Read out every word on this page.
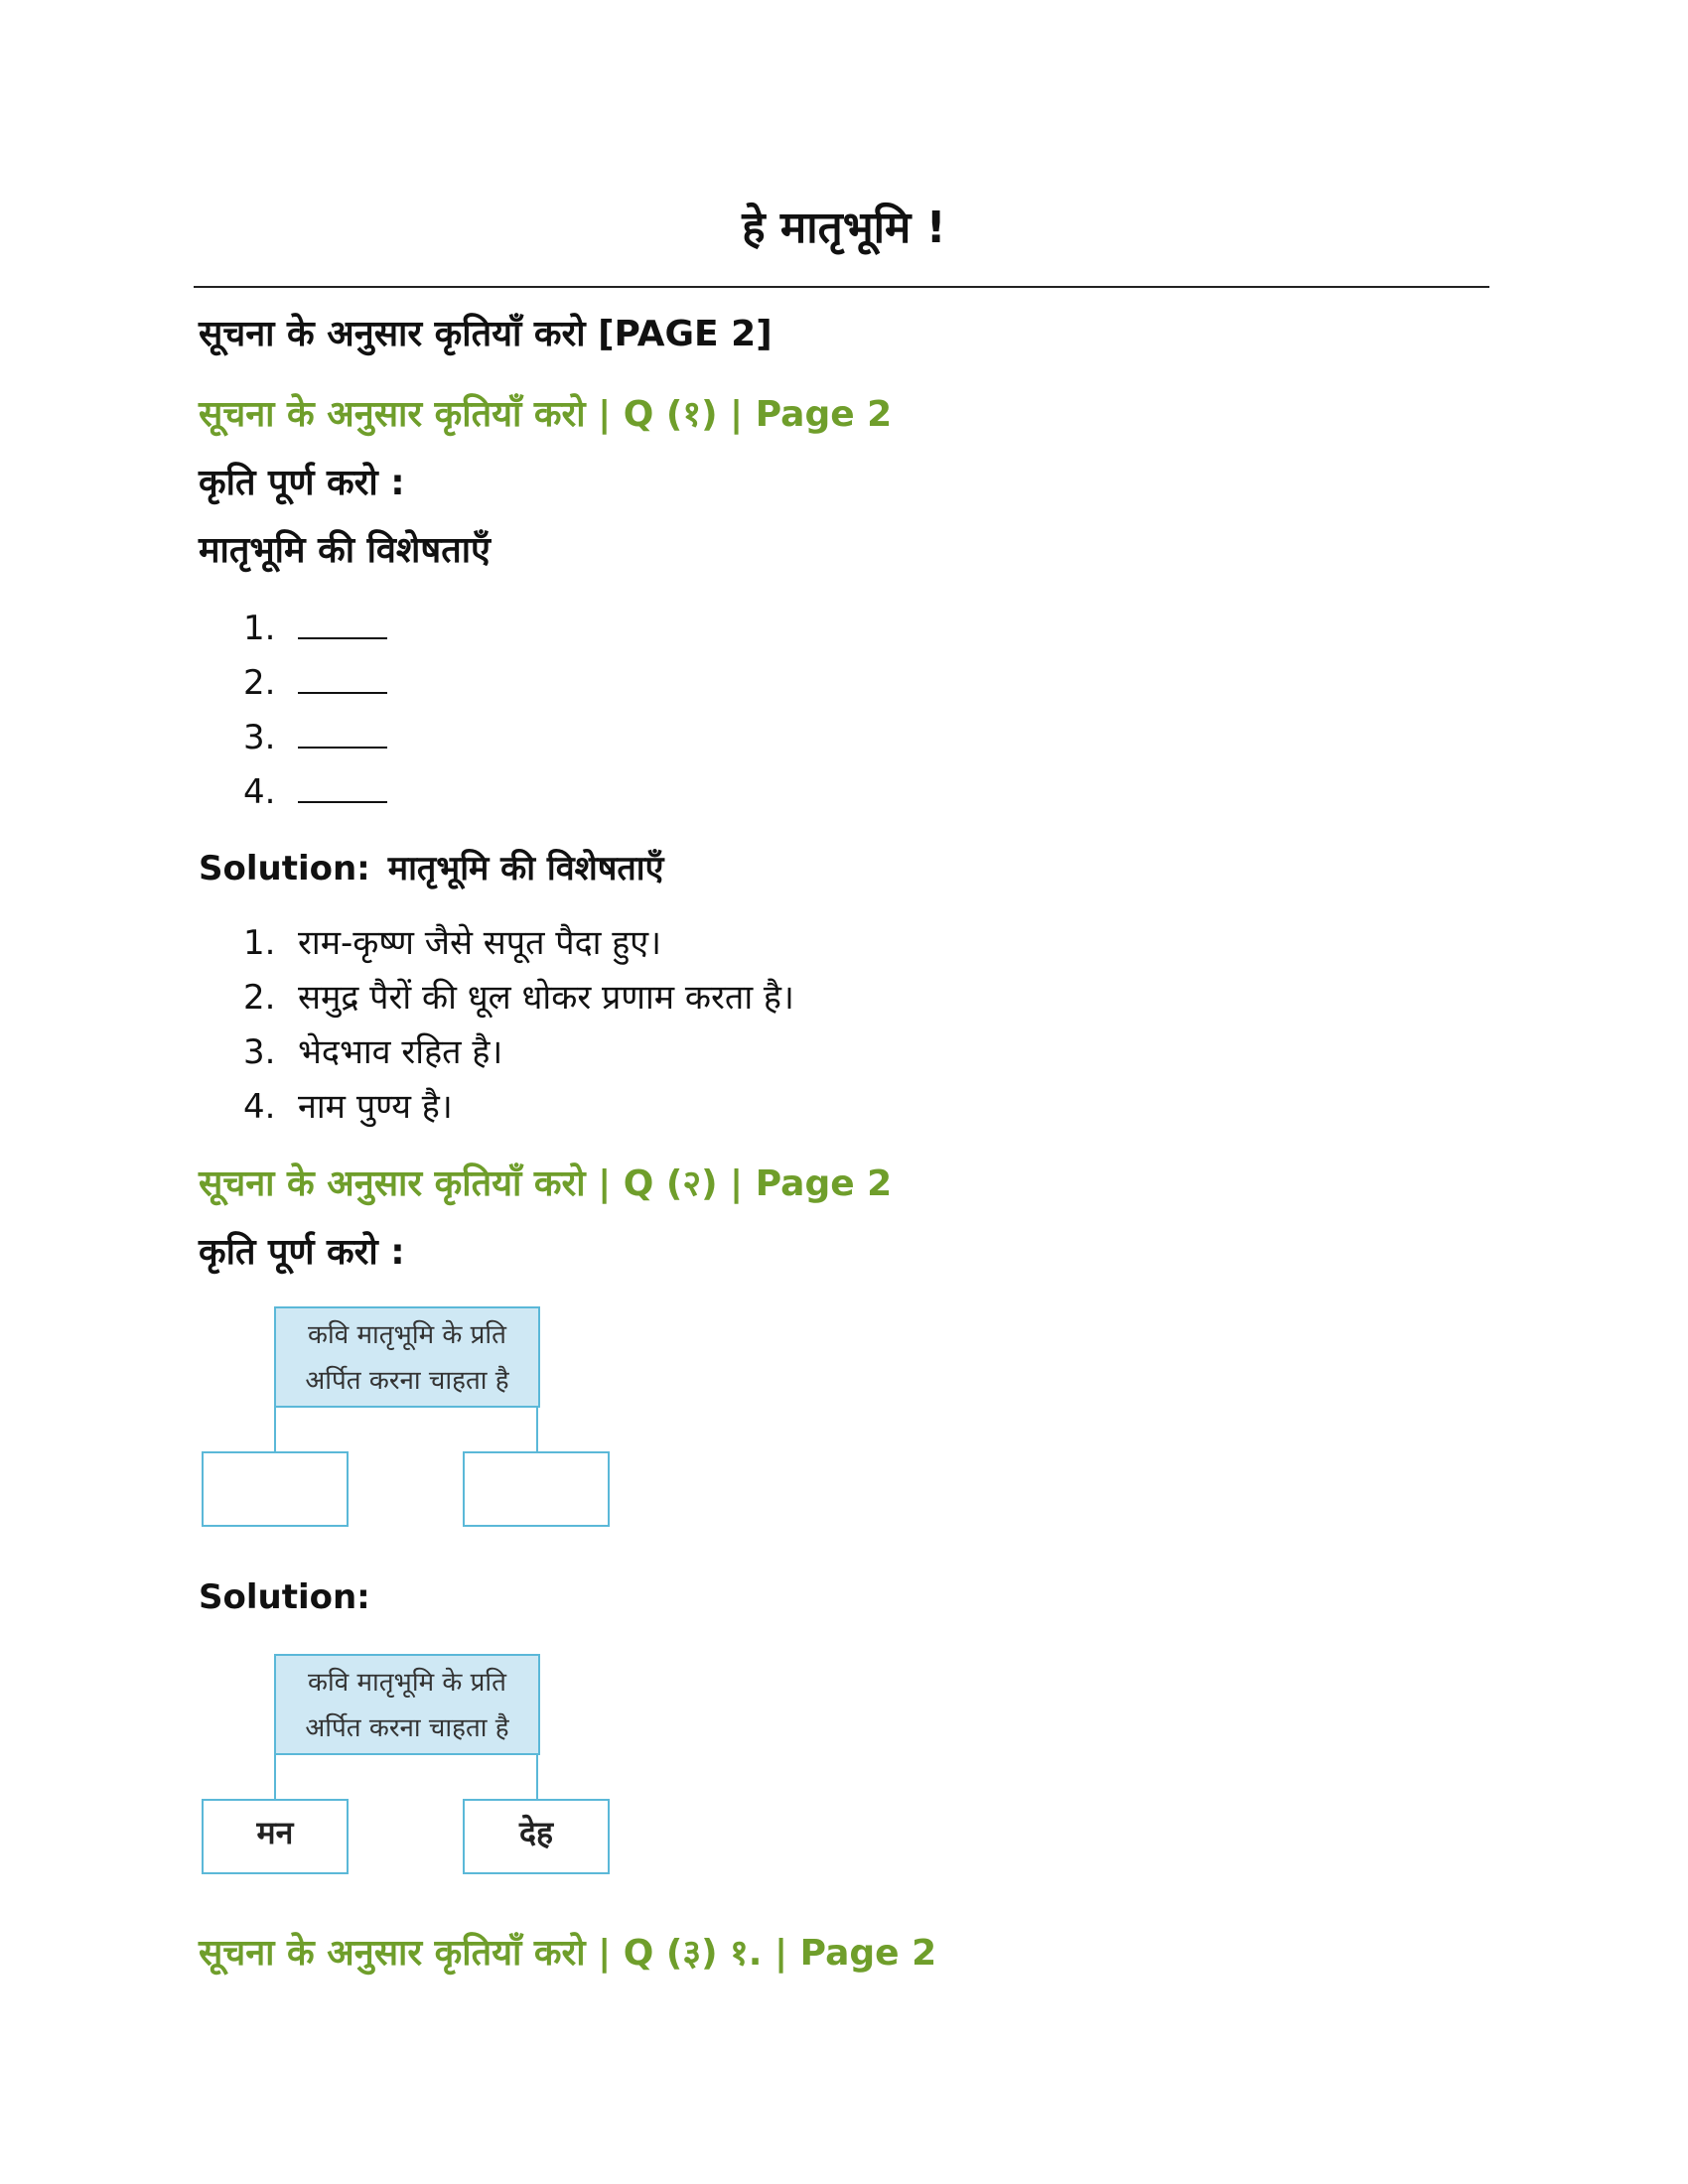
हे मातृभूमि !
सूचना के अनुसार कृतियाँ करो [PAGE 2]
सूचना के अनुसार कृतियाँ करो | Q (१) | Page 2
कृति पूर्ण करो :
मातृभूमि की विशेषताएँ
1.
2.
3.
4.
Solution: मातृभूमि की विशेषताएँ
1. राम-कृष्ण जैसे सपूत पैदा हुए।
2. समुद्र पैरों की धूल धोकर प्रणाम करता है।
3. भेदभाव रहित है।
4. नाम पुण्य है।
सूचना के अनुसार कृतियाँ करो | Q (२) | Page 2
कृति पूर्ण करो :
कवि मातृभूमि के प्रति
अर्पित करना चाहता है
Solution:
कवि मातृभूमि के प्रति
अर्पित करना चाहता है
मन	देह
सूचना के अनुसार कृतियाँ करो | Q (३) १. | Page 2
